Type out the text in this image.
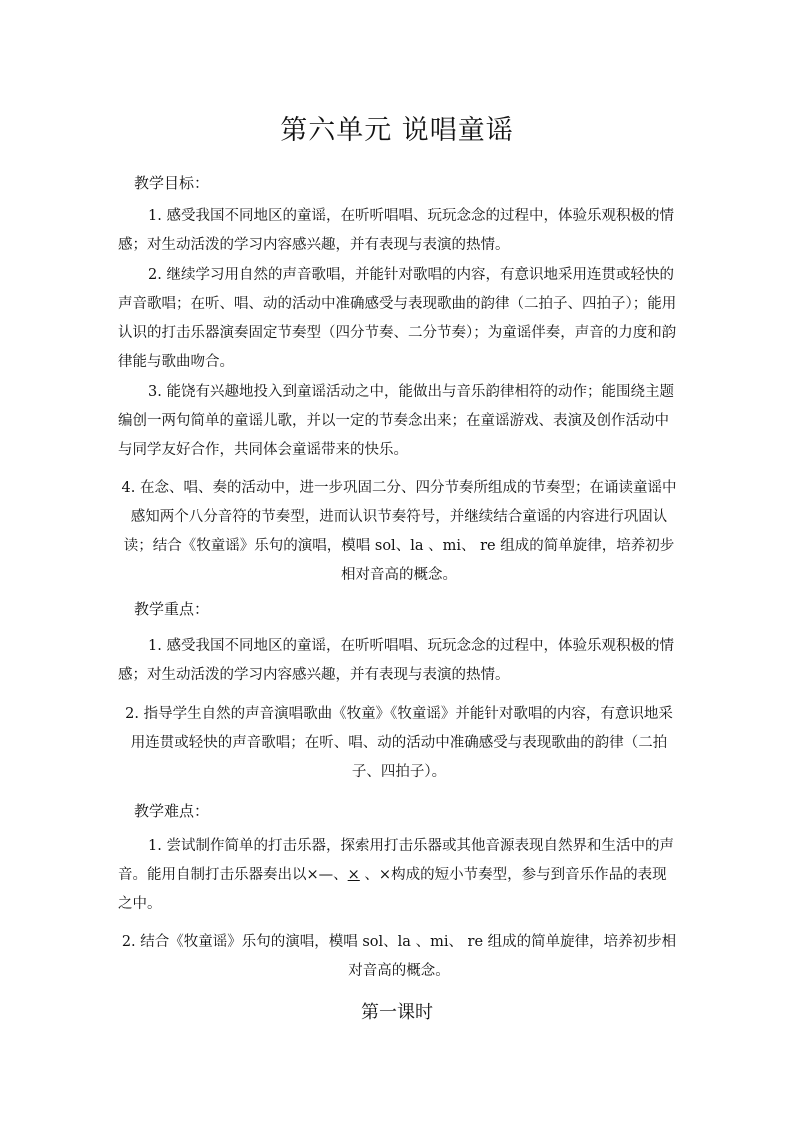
第六单元 说唱童谣
教学目标：

1. 感受我国不同地区的童谣，在听听唱唱、玩玩念念的过程中，体验乐观积极的情感；对生动活泼的学习内容感兴趣，并有表现与表演的热情。

2. 继续学习用自然的声音歌唱，并能针对歌唱的内容，有意识地采用连贯或轻快的声音歌唱；在听、唱、动的活动中准确感受与表现歌曲的韵律（二拍子、四拍子）；能用认识的打击乐器演奏固定节奏型（四分节奏、二分节奏）；为童谣伴奏，声音的力度和韵律能与歌曲吻合。

3. 能饶有兴趣地投入到童谣活动之中，能做出与音乐韵律相符的动作；能围绕主题编创一两句简单的童谣儿歌，并以一定的节奏念出来；在童谣游戏、表演及创作活动中与同学友好合作，共同体会童谣带来的快乐。

4. 在念、唱、奏的活动中，进一步巩固二分、四分节奏所组成的节奏型；在诵读童谣中感知两个八分音符的节奏型，进而认识节奏符号，并继续结合童谣的内容进行巩固认读；结合《牧童谣》乐句的演唱，模唱 sol、la 、mi、 re 组成的简单旋律，培养初步相对音高的概念。

教学重点：

1. 感受我国不同地区的童谣，在听听唱唱、玩玩念念的过程中，体验乐观积极的情感；对生动活泼的学习内容感兴趣，并有表现与表演的热情。

2. 指导学生自然的声音演唱歌曲《牧童》《牧童谣》并能针对歌唱的内容，有意识地采用连贯或轻快的声音歌唱；在听、唱、动的活动中准确感受与表现歌曲的韵律（二拍子、四拍子）。

教学难点：

1. 尝试制作简单的打击乐器，探索用打击乐器或其他音源表现自然界和生活中的声音。能用自制打击乐器奏出以×—、× 、×构成的短小节奏型，参与到音乐作品的表现之中。

2. 结合《牧童谣》乐句的演唱，模唱 sol、la 、mi、 re 组成的简单旋律，培养初步相对音高的概念。

第一课时
